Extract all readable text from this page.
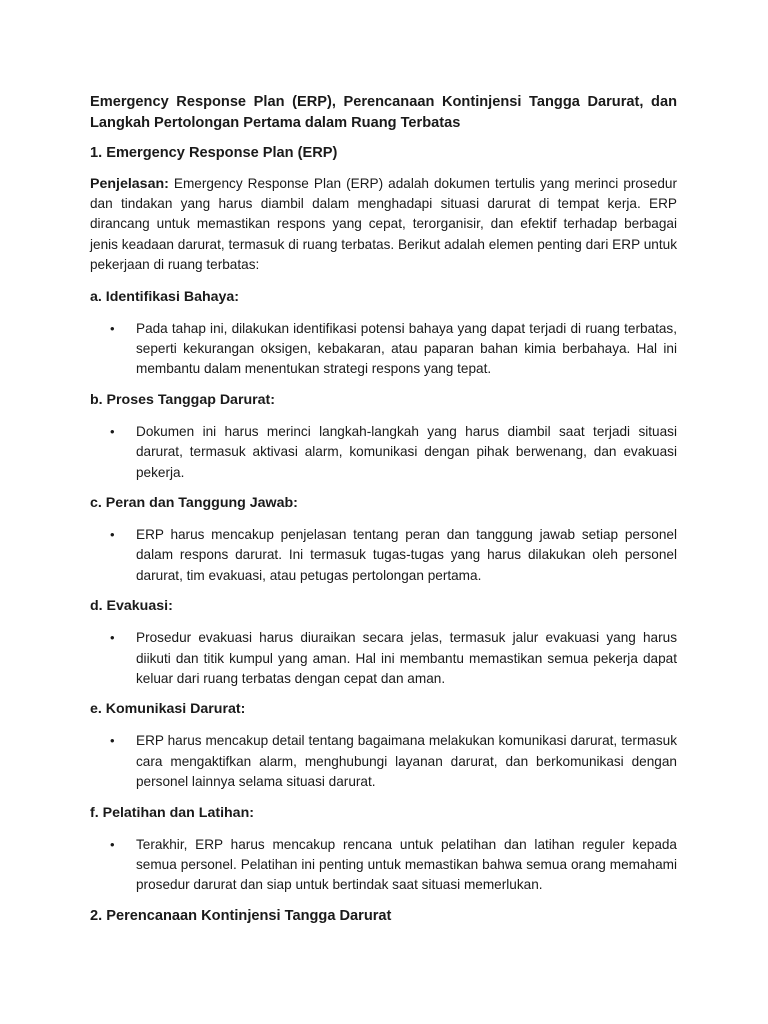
Emergency Response Plan (ERP), Perencanaan Kontinjensi Tangga Darurat, dan Langkah Pertolongan Pertama dalam Ruang Terbatas

1. Emergency Response Plan (ERP)

Penjelasan: Emergency Response Plan (ERP) adalah dokumen tertulis yang merinci prosedur dan tindakan yang harus diambil dalam menghadapi situasi darurat di tempat kerja. ERP dirancang untuk memastikan respons yang cepat, terorganisir, dan efektif terhadap berbagai jenis keadaan darurat, termasuk di ruang terbatas. Berikut adalah elemen penting dari ERP untuk pekerjaan di ruang terbatas:

a. Identifikasi Bahaya:

• Pada tahap ini, dilakukan identifikasi potensi bahaya yang dapat terjadi di ruang terbatas, seperti kekurangan oksigen, kebakaran, atau paparan bahan kimia berbahaya. Hal ini membantu dalam menentukan strategi respons yang tepat.

b. Proses Tanggap Darurat:

• Dokumen ini harus merinci langkah-langkah yang harus diambil saat terjadi situasi darurat, termasuk aktivasi alarm, komunikasi dengan pihak berwenang, dan evakuasi pekerja.

c. Peran dan Tanggung Jawab:

• ERP harus mencakup penjelasan tentang peran dan tanggung jawab setiap personel dalam respons darurat. Ini termasuk tugas-tugas yang harus dilakukan oleh personel darurat, tim evakuasi, atau petugas pertolongan pertama.

d. Evakuasi:

• Prosedur evakuasi harus diuraikan secara jelas, termasuk jalur evakuasi yang harus diikuti dan titik kumpul yang aman. Hal ini membantu memastikan semua pekerja dapat keluar dari ruang terbatas dengan cepat dan aman.

e. Komunikasi Darurat:

• ERP harus mencakup detail tentang bagaimana melakukan komunikasi darurat, termasuk cara mengaktifkan alarm, menghubungi layanan darurat, dan berkomunikasi dengan personel lainnya selama situasi darurat.

f. Pelatihan dan Latihan:

• Terakhir, ERP harus mencakup rencana untuk pelatihan dan latihan reguler kepada semua personel. Pelatihan ini penting untuk memastikan bahwa semua orang memahami prosedur darurat dan siap untuk bertindak saat situasi memerlukan.

2. Perencanaan Kontinjensi Tangga Darurat
